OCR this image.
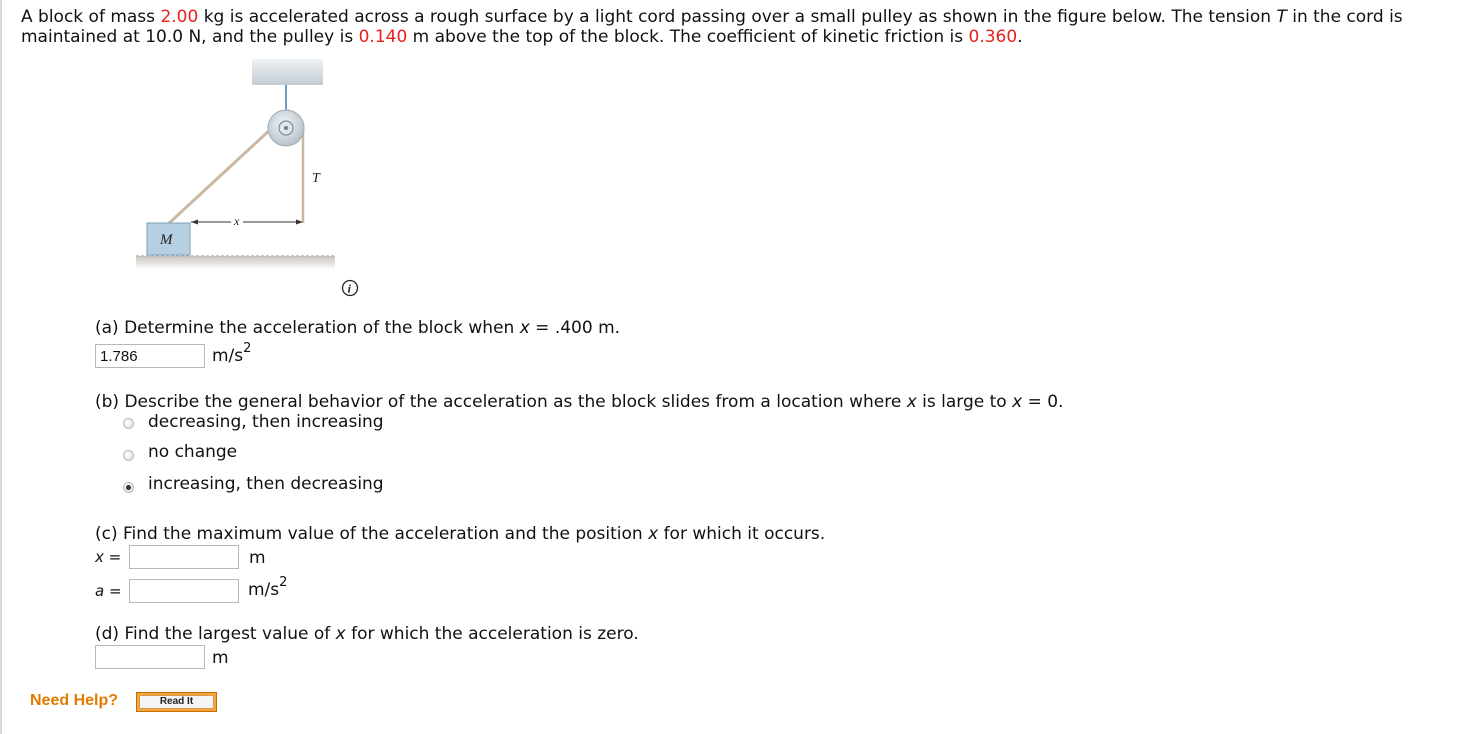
A block of mass 2.00 kg is accelerated across a rough surface by a light cord passing over a small pulley as shown in the figure below. The tension T in the cord is maintained at 10.0 N, and the pulley is 0.140 m above the top of the block. The coefficient of kinetic friction is 0.360.
T
x
M
i
(a) Determine the acceleration of the block when x = .400 m.
1.786
$m/s^2$
(b) Describe the general behavior of the acceleration as the block slides from a location where x is large to x = 0.
decreasing, then increasing
no change
increasing, then decreasing
(c) Find the maximum value of the acceleration and the position x for which it occurs.
x =	m
a =	$m/s^2$
(d) Find the largest value of x for which the acceleration is zero.
m
Need Help?	Read It
